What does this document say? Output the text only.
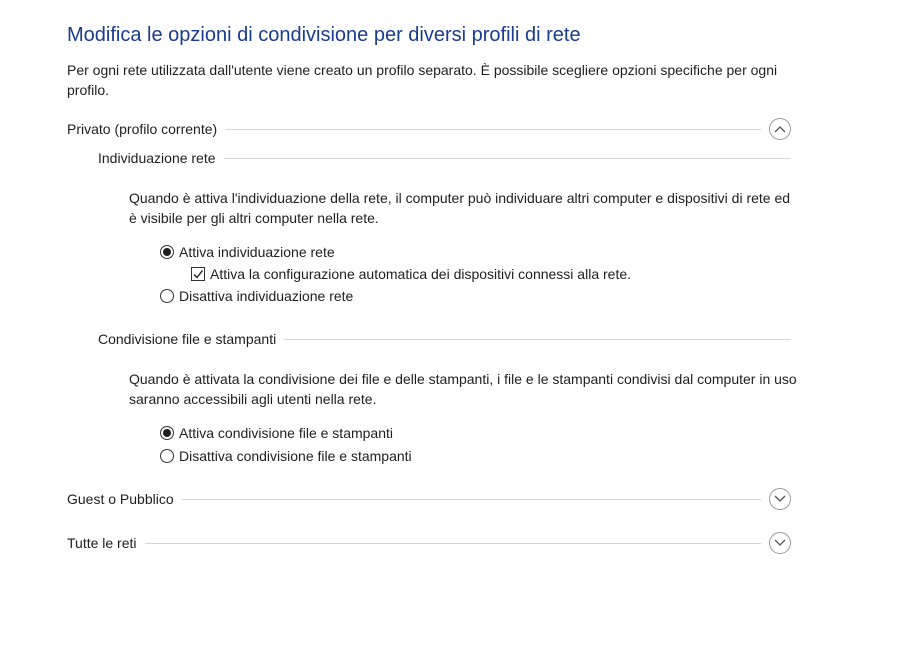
Modifica le opzioni di condivisione per diversi profili di rete
Per ogni rete utilizzata dall'utente viene creato un profilo separato. È possibile scegliere opzioni specifiche per ogni profilo.
Privato (profilo corrente)
Individuazione rete
Quando è attiva l'individuazione della rete, il computer può individuare altri computer e dispositivi di rete ed è visibile per gli altri computer nella rete.
Attiva individuazione rete
Attiva la configurazione automatica dei dispositivi connessi alla rete.
Disattiva individuazione rete
Condivisione file e stampanti
Quando è attivata la condivisione dei file e delle stampanti, i file e le stampanti condivisi dal computer in uso saranno accessibili agli utenti nella rete.
Attiva condivisione file e stampanti
Disattiva condivisione file e stampanti
Guest o Pubblico
Tutte le reti
